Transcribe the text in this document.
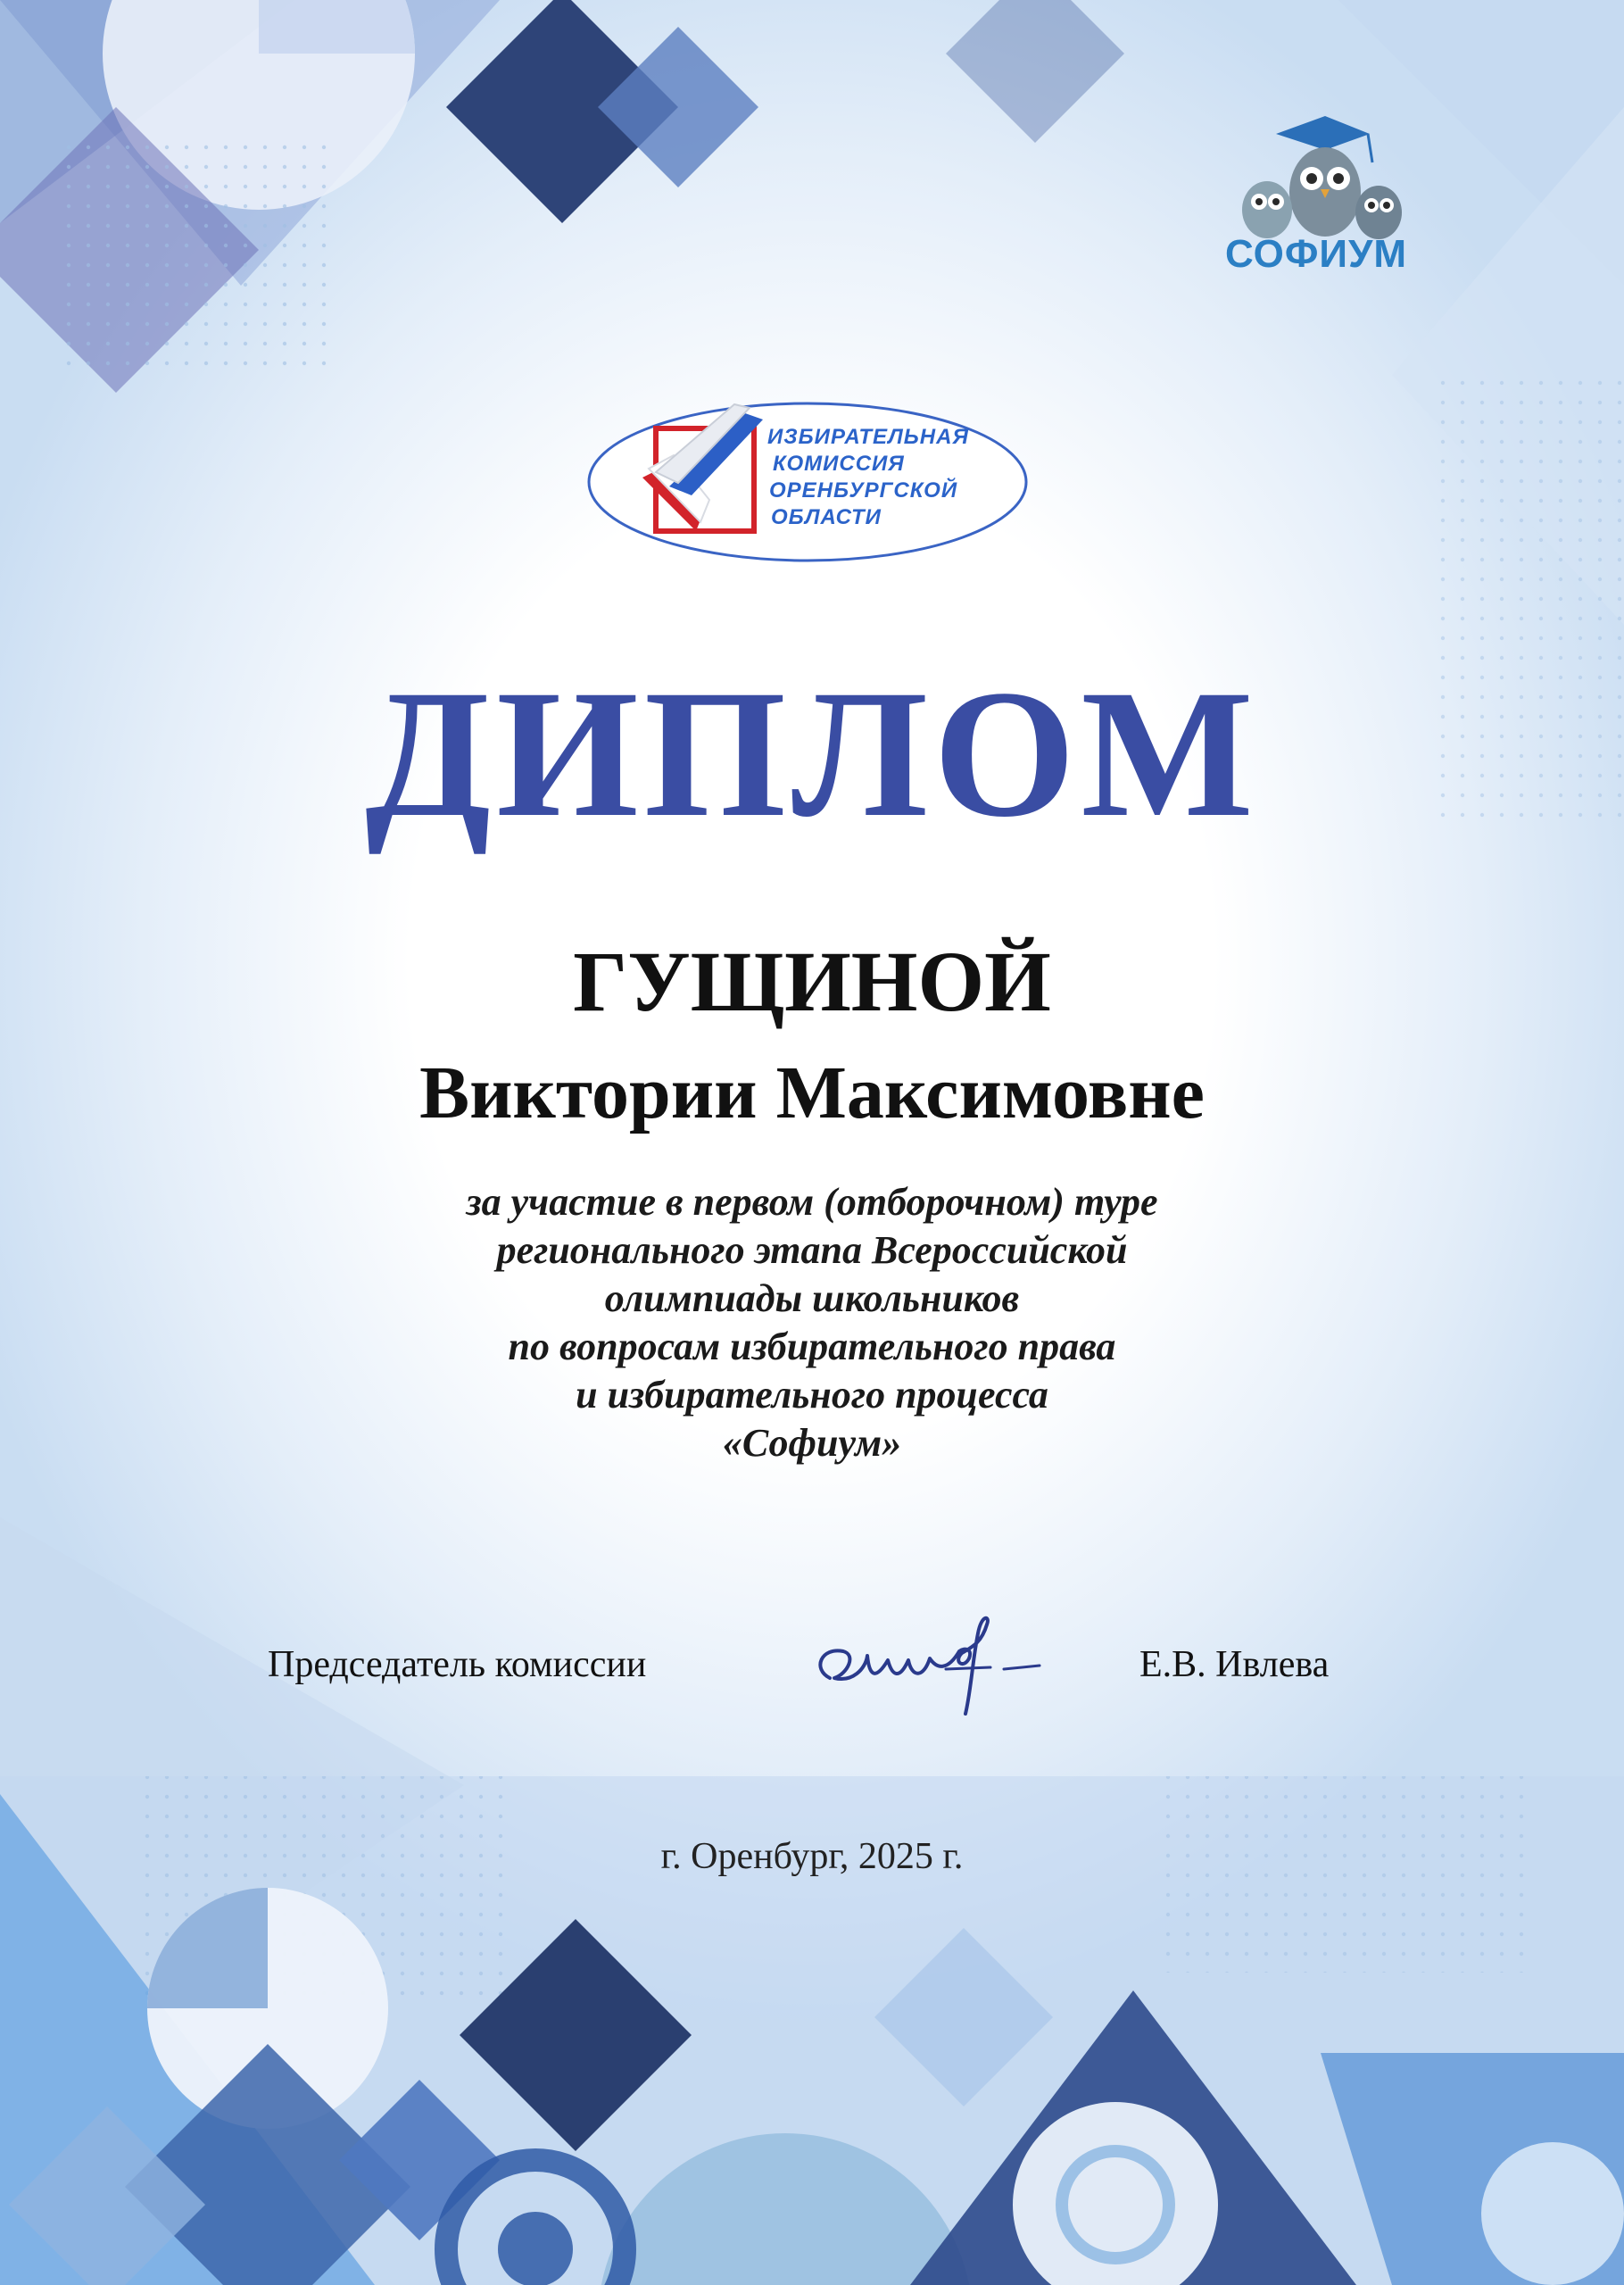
СОФИУМ
ИЗБИРАТЕЛЬНАЯ
КОМИССИЯ
ОРЕНБУРГСКОЙ
ОБЛАСТИ
ДИПЛОМ
ГУЩИНОЙ
Виктории Максимовне
за участие в первом (отборочном) туре
регионального этапа Всероссийской
олимпиады школьников
по вопросам избирательного права
и избирательного процесса
«Софиум»
Председатель комиссии	Е.В. Ивлева
г. Оренбург, 2025 г.
